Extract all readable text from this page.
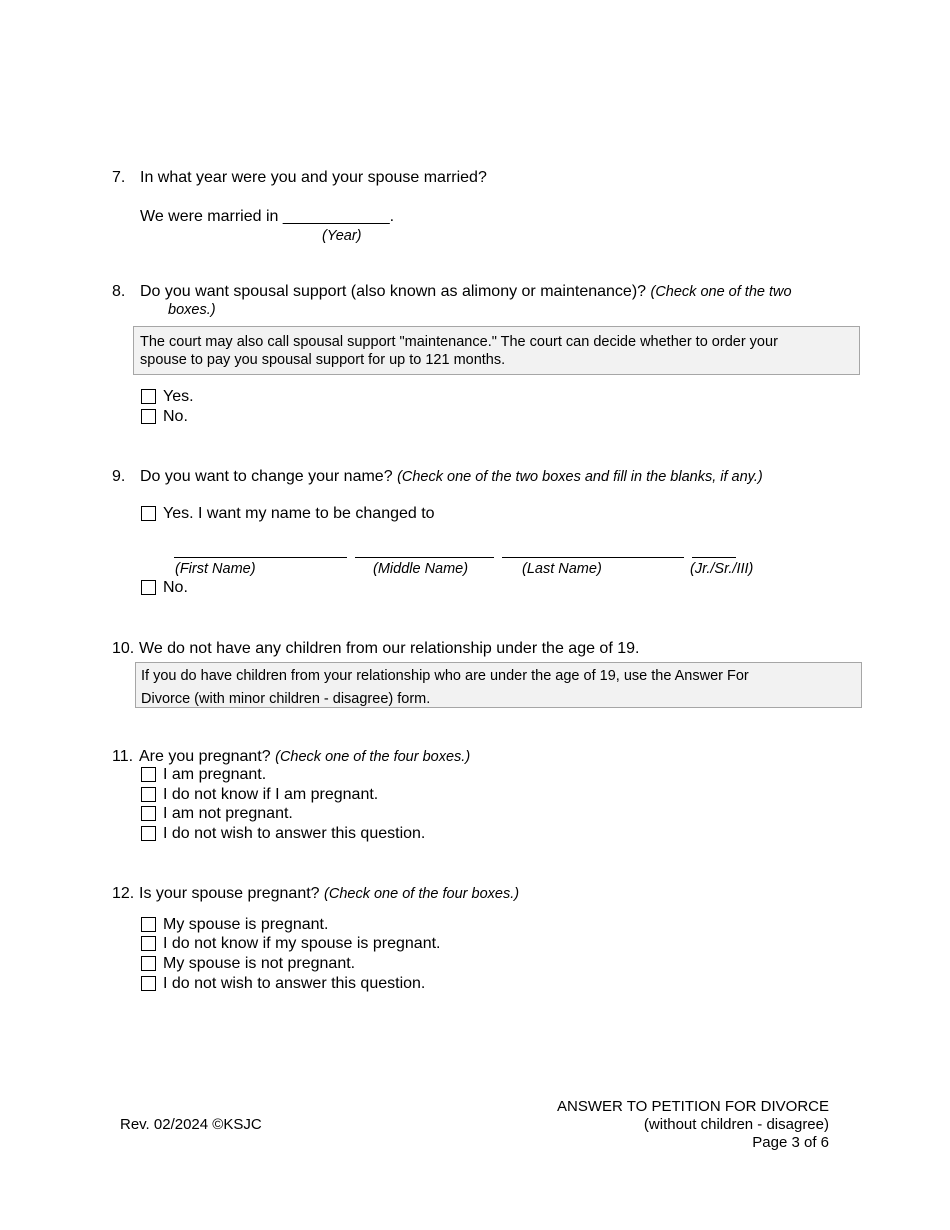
7. In what year were you and your spouse married?
We were married in ____________.
(Year)
8. Do you want spousal support (also known as alimony or maintenance)? (Check one of the two
boxes.)
The court may also call spousal support "maintenance." The court can decide whether to order your
spouse to pay you spousal support for up to 121 months.
Yes.
No.
9. Do you want to change your name? (Check one of the two boxes and fill in the blanks, if any.)
Yes. I want my name to be changed to
(First Name)	(Middle Name)	(Last Name)	(Jr./Sr./III)
No.
10. We do not have any children from our relationship under the age of 19.
If you do have children from your relationship who are under the age of 19, use the Answer For
Divorce (with minor children - disagree) form.
11. Are you pregnant? (Check one of the four boxes.)
I am pregnant.
I do not know if I am pregnant.
I am not pregnant.
I do not wish to answer this question.
12. Is your spouse pregnant? (Check one of the four boxes.)
My spouse is pregnant.
I do not know if my spouse is pregnant.
My spouse is not pregnant.
I do not wish to answer this question.
Rev. 02/2024 ©KSJC
ANSWER TO PETITION FOR DIVORCE
(without children - disagree)
Page 3 of 6
